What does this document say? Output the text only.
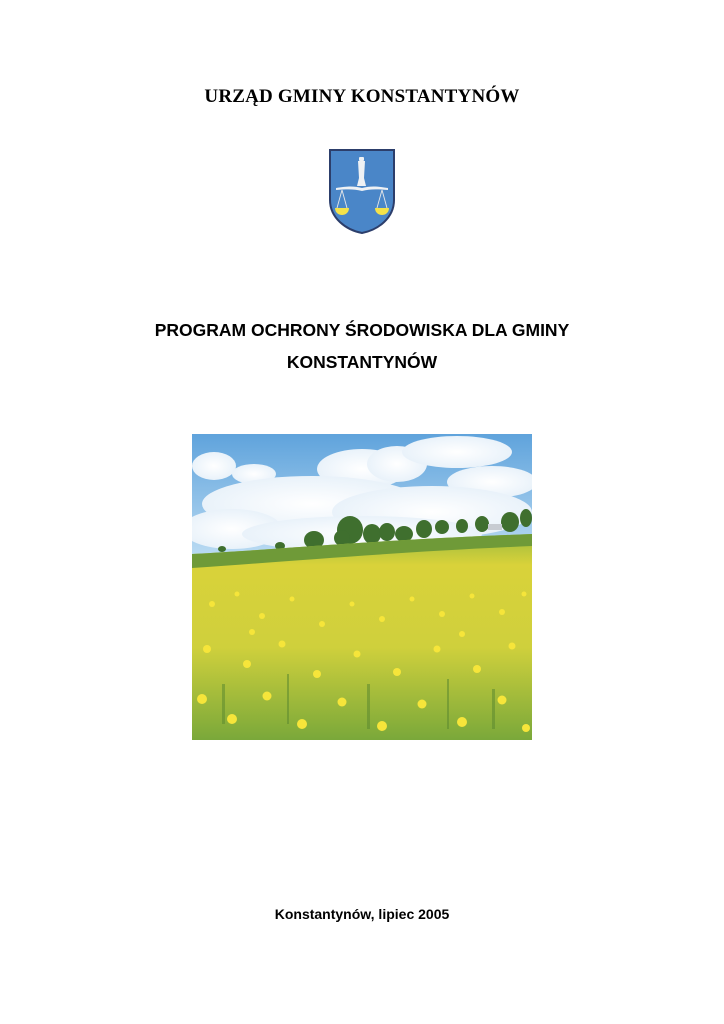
URZĄD GMINY KONSTANTYNÓW
PROGRAM OCHRONY ŚRODOWISKA DLA GMINY
KONSTANTYNÓW

Konstantynów, lipiec 2005
